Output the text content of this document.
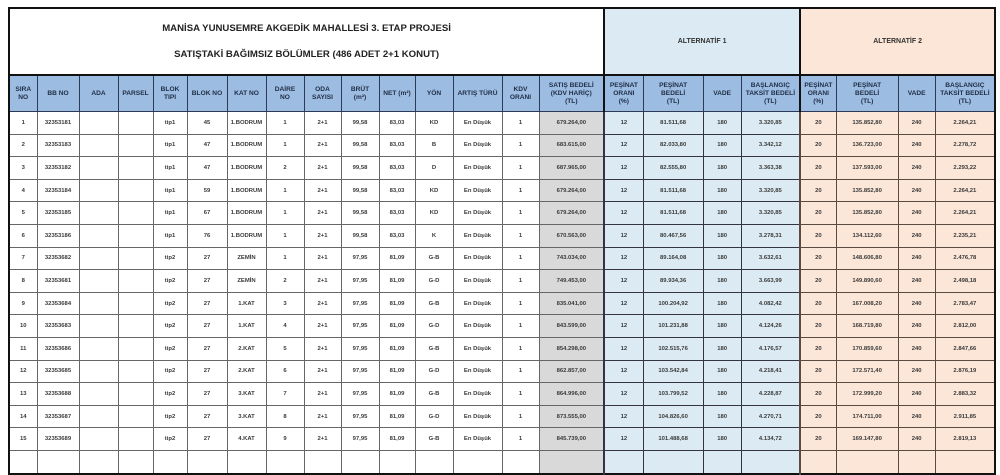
MANİSA YUNUSEMRE AKGEDİK MAHALLESİ 3. ETAP PROJESİ

SATIŞTAKİ BAĞIMSIZ BÖLÜMLER (486 ADET 2+1 KONUT)															ALTERNATİF 1				ALTERNATİF 2			
SIRA
NO	BB NO	ADA	PARSEL	BLOK
TIPI	BLOK NO	KAT NO	DAİRE
NO	ODA
SAYISI	BRÜT
(m²)	NET (m²)	YÖN	ARTIŞ TÜRÜ	KDV
ORANI	SATIŞ BEDELİ
(KDV HARİÇ)
(TL)	PEŞİNAT
ORANI
(%)	PEŞİNAT
BEDELİ
(TL)	VADE	BAŞLANGIÇ
TAKSİT BEDELİ
(TL)	PEŞİNAT
ORANI
(%)	PEŞİNAT
BEDELİ
(TL)	VADE	BAŞLANGIÇ
TAKSİT BEDELİ
(TL)
1	32353181			tip1	45	1.BODRUM	1	2+1	99,58	83,03	KD	En Düşük	1	679.264,00	12	81.511,68	180	3.320,85	20	135.852,80	240	2.264,21
2	32353183			tip1	47	1.BODRUM	1	2+1	99,58	83,03	B	En Düşük	1	683.615,00	12	82.033,80	180	3.342,12	20	136.723,00	240	2.278,72
3	32353182			tip1	47	1.BODRUM	2	2+1	99,58	83,03	D	En Düşük	1	687.965,00	12	82.555,80	180	3.363,38	20	137.593,00	240	2.293,22
4	32353184			tip1	59	1.BODRUM	1	2+1	99,58	83,03	KD	En Düşük	1	679.264,00	12	81.511,68	180	3.320,85	20	135.852,80	240	2.264,21
5	32353185			tip1	67	1.BODRUM	1	2+1	99,58	83,03	KD	En Düşük	1	679.264,00	12	81.511,68	180	3.320,85	20	135.852,80	240	2.264,21
6	32353186			tip1	76	1.BODRUM	1	2+1	99,58	83,03	K	En Düşük	1	670.563,00	12	80.467,56	180	3.278,31	20	134.112,60	240	2.235,21
7	32353682			tip2	27	ZEMİN	1	2+1	97,95	81,09	G-B	En Düşük	1	743.034,00	12	89.164,08	180	3.632,61	20	148.606,80	240	2.476,78
8	32353681			tip2	27	ZEMİN	2	2+1	97,95	81,09	G-D	En Düşük	1	749.453,00	12	89.934,36	180	3.663,99	20	149.890,60	240	2.498,18
9	32353684			tip2	27	1.KAT	3	2+1	97,95	81,09	G-B	En Düşük	1	835.041,00	12	100.204,92	180	4.082,42	20	167.008,20	240	2.783,47
10	32353683			tip2	27	1.KAT	4	2+1	97,95	81,09	G-D	En Düşük	1	843.599,00	12	101.231,88	180	4.124,26	20	168.719,80	240	2.812,00
11	32353686			tip2	27	2.KAT	5	2+1	97,95	81,09	G-B	En Düşük	1	854.298,00	12	102.515,76	180	4.176,57	20	170.859,60	240	2.847,66
12	32353685			tip2	27	2.KAT	6	2+1	97,95	81,09	G-D	En Düşük	1	862.857,00	12	103.542,84	180	4.218,41	20	172.571,40	240	2.876,19
13	32353688			tip2	27	3.KAT	7	2+1	97,95	81,09	G-B	En Düşük	1	864.996,00	12	103.799,52	180	4.228,87	20	172.999,20	240	2.883,32
14	32353687			tip2	27	3.KAT	8	2+1	97,95	81,09	G-D	En Düşük	1	873.555,00	12	104.826,60	180	4.270,71	20	174.711,00	240	2.911,85
15	32353689			tip2	27	4.KAT	9	2+1	97,95	81,09	G-B	En Düşük	1	845.739,00	12	101.488,68	180	4.134,72	20	169.147,80	240	2.819,13
